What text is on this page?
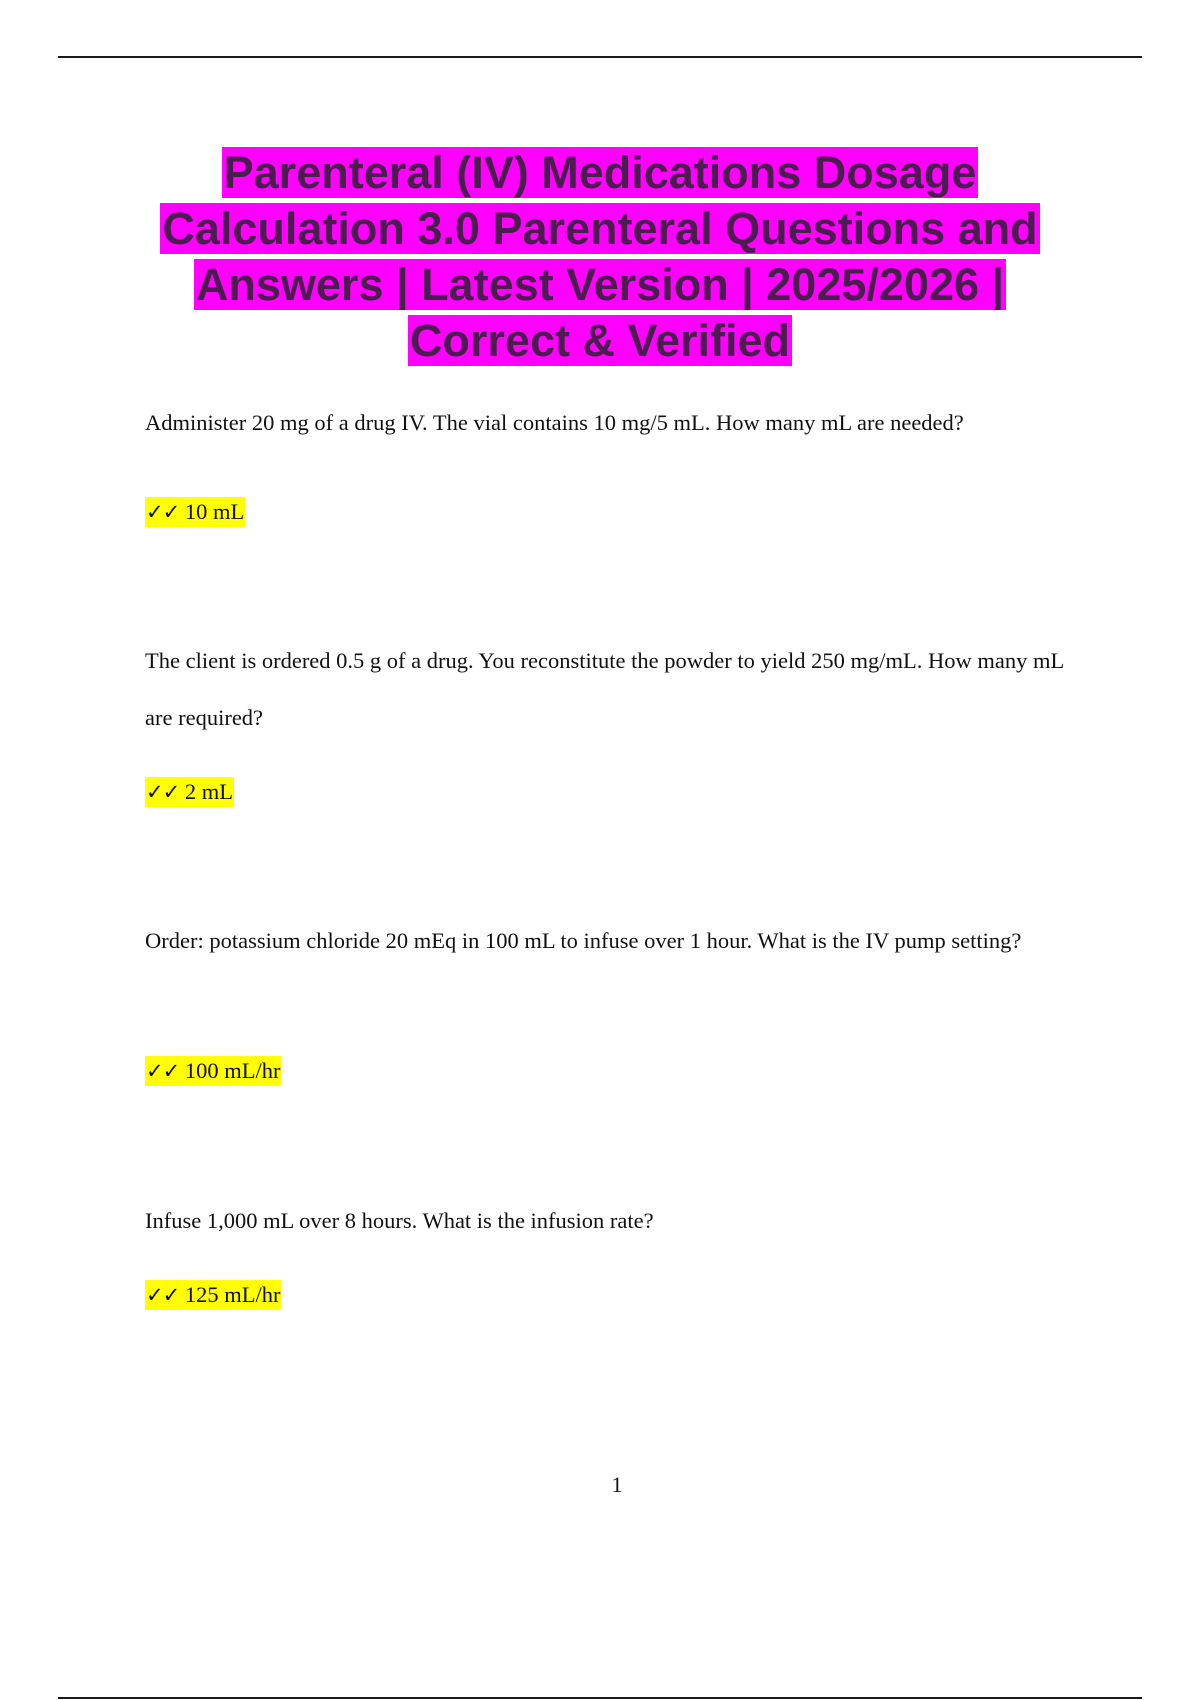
Parenteral (IV) Medications Dosage
Calculation 3.0 Parenteral Questions and
Answers | Latest Version | 2025/2026 |
Correct & Verified

Administer 20 mg of a drug IV. The vial contains 10 mg/5 mL. How many mL are needed?

✓✓ 10 mL

The client is ordered 0.5 g of a drug. You reconstitute the powder to yield 250 mg/mL. How many mL are required?

✓✓ 2 mL

Order: potassium chloride 20 mEq in 100 mL to infuse over 1 hour. What is the IV pump setting?

✓✓ 100 mL/hr

Infuse 1,000 mL over 8 hours. What is the infusion rate?

✓✓ 125 mL/hr
1
